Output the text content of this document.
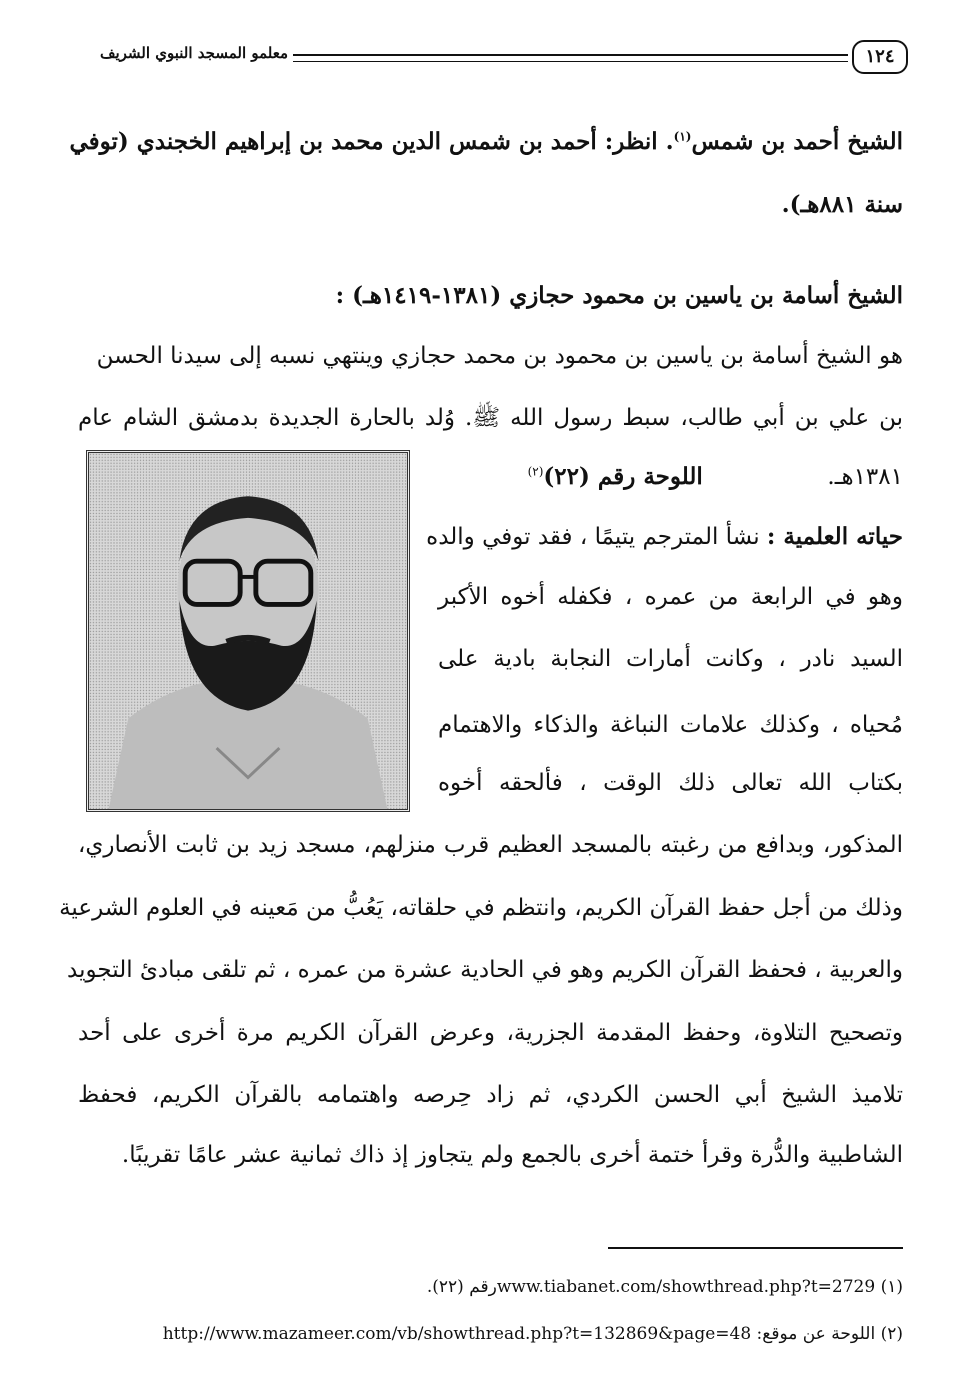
١٢٤
معلمو المسجد النبوي الشريف
الشيخ أحمد بن شمس$^{(١)}$. انظر: أحمد بن شمس الدين محمد بن إبراهيم الخجندي (توفي
سنة ٨٨١هـ).
الشيخ أسامة بن ياسين بن محمود حجازي (١٣٨١-١٤١٩هـ) :
هو الشيخ أسامة بن ياسين بن محمود بن محمد حجازي وينتهي نسبه إلى سيدنا الحسن
بن علي بن أبي طالب، سبط رسول الله ﷺ. وُلد بالحارة الجديدة بدمشق الشام عام
١٣٨١هـ.  اللوحة رقم (٢٢)$^{(٢)}$
حياته العلمية : نشأ المترجم يتيمًا ، فقد توفي والده
وهو في الرابعة من عمره ، فكفله أخوه الأكبر
السيد نادر ، وكانت أمارات النجابة بادية على
مُحياه ، وكذلك علامات النباغة والذكاء والاهتمام
بكتاب الله تعالى ذلك الوقت ، فألحقه أخوه
المذكور، وبدافع من رغبته بالمسجد العظيم قرب منزلهم، مسجد زيد بن ثابت الأنصاري،
وذلك من أجل حفظ القرآن الكريم، وانتظم في حلقاته، يَعُبُّ من مَعينه في العلوم الشرعية
والعربية ، فحفظ القرآن الكريم وهو في الحادية عشرة من عمره ، ثم تلقى مبادئ التجويد
وتصحيح التلاوة، وحفظ المقدمة الجزرية، وعرض القرآن الكريم مرة أخرى على أحد
تلاميذ الشيخ أبي الحسن الكردي، ثم زاد حِرصه واهتمامه بالقرآن الكريم، فحفظ
الشاطبية والدُّرة وقرأ ختمة أخرى بالجمع ولم يتجاوز إذ ذاك ثمانية عشر عامًا تقريبًا.
(١) www.tiabanet.com/showthread.php?t=2729رقم (٢٢).
(٢) اللوحة عن موقع: http://www.mazameer.com/vb/showthread.php?t=132869&page=48
